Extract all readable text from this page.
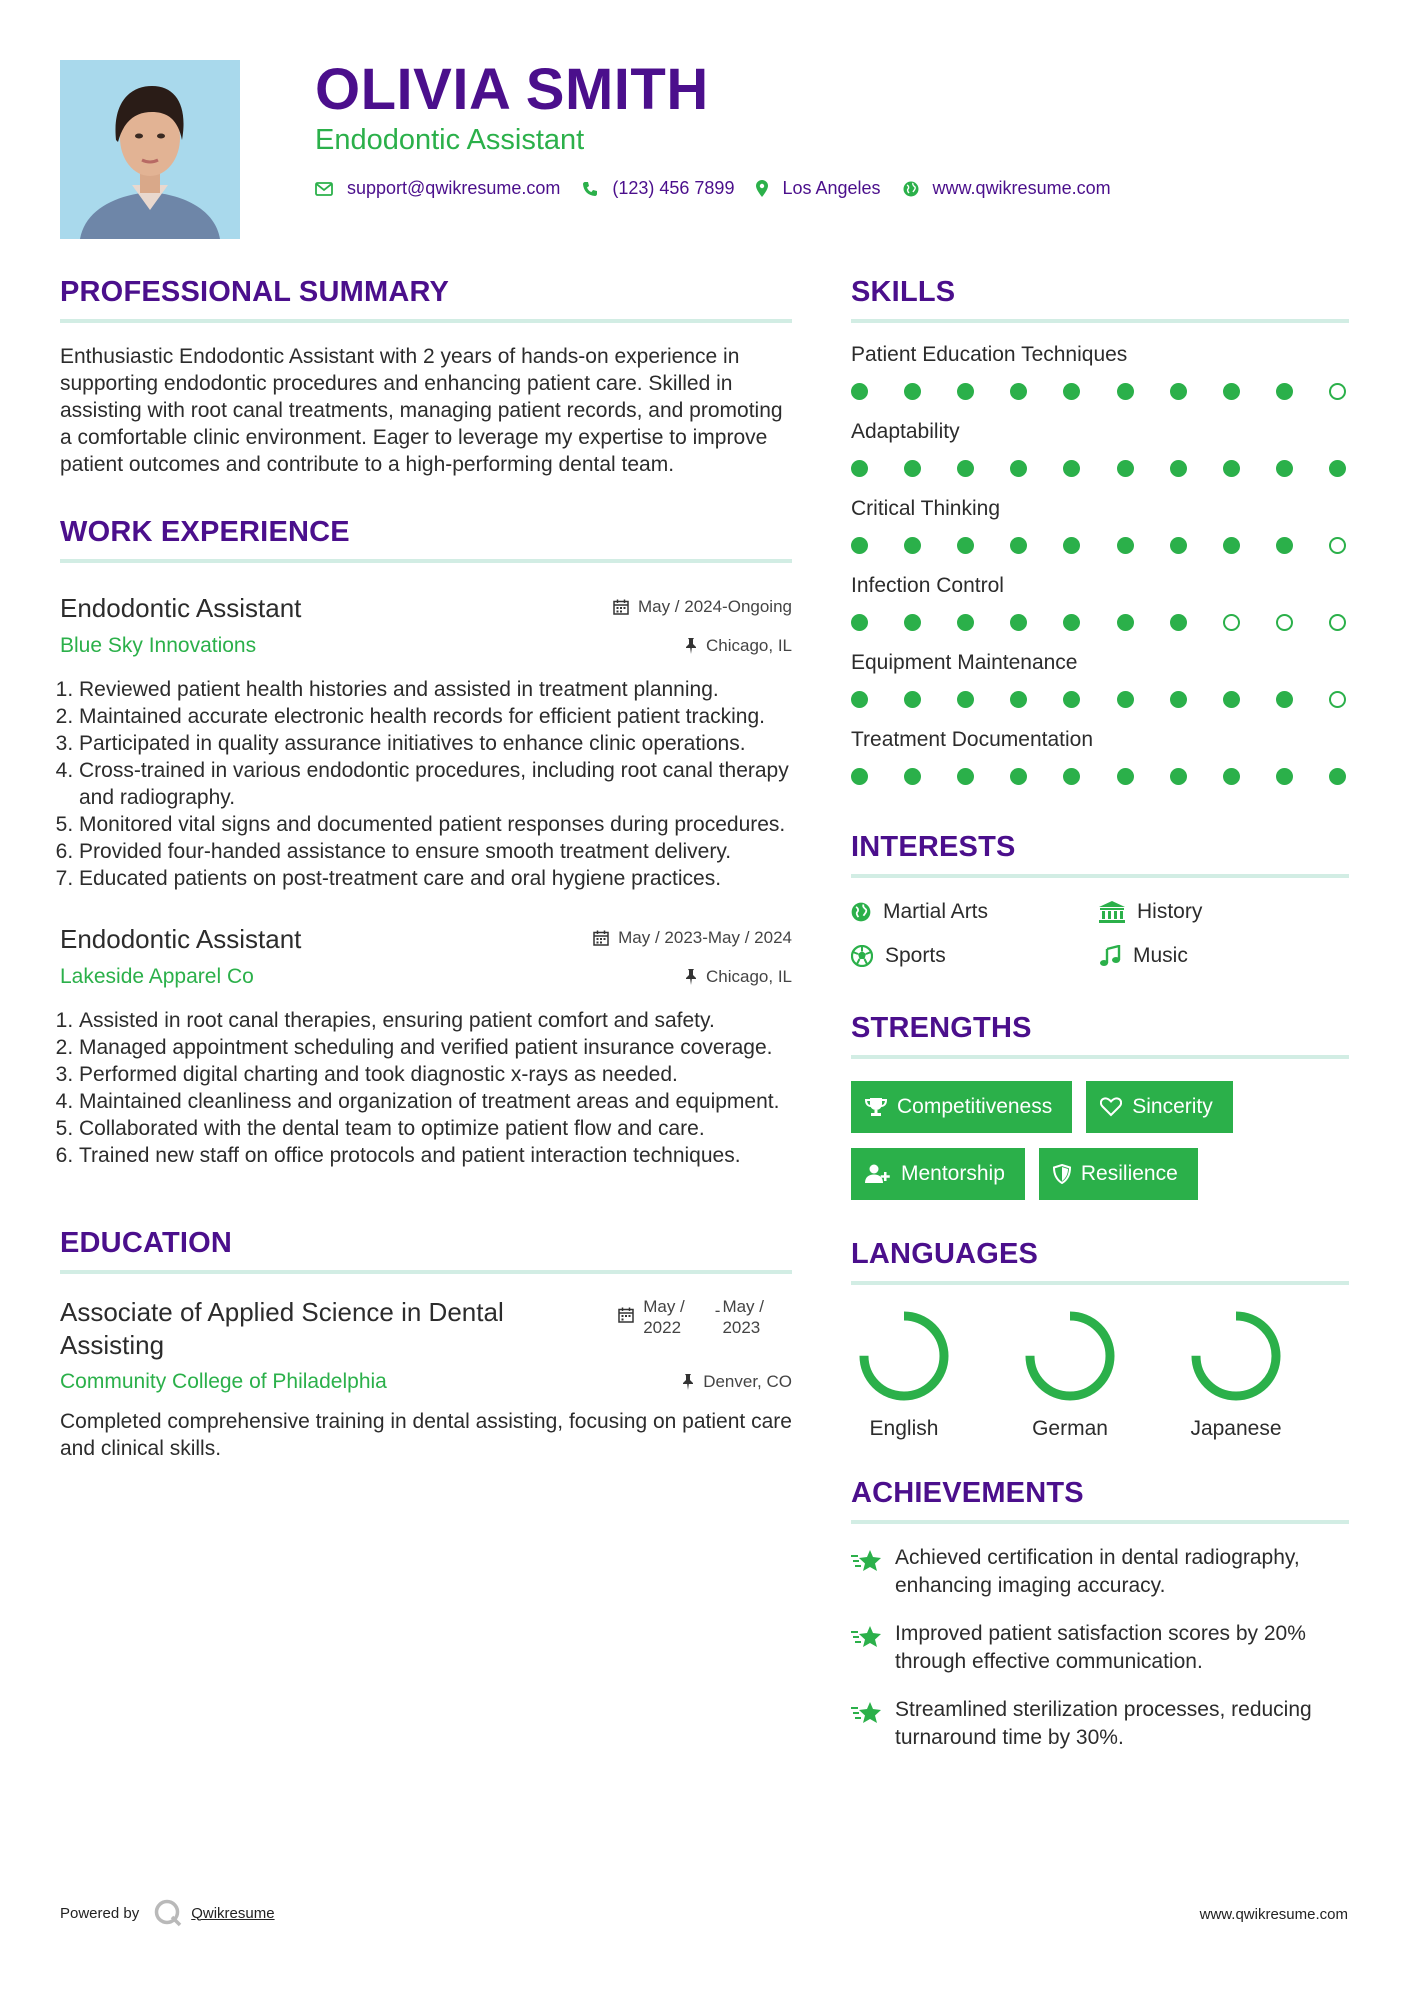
OLIVIA SMITH
Endodontic Assistant
support@qwikresume.com	(123) 456 7899	Los Angeles	www.qwikresume.com
PROFESSIONAL SUMMARY

Enthusiastic Endodontic Assistant with 2 years of hands-on experience in supporting endodontic procedures and enhancing patient care. Skilled in assisting with root canal treatments, managing patient records, and promoting a comfortable clinic environment. Eager to leverage my expertise to improve patient outcomes and contribute to a high-performing dental team.

WORK EXPERIENCE
Endodontic Assistant	May / 2024-Ongoing
Blue Sky Innovations	Chicago, IL
1. Reviewed patient health histories and assisted in treatment planning.
2. Maintained accurate electronic health records for efficient patient tracking.
3. Participated in quality assurance initiatives to enhance clinic operations.
4. Cross-trained in various endodontic procedures, including root canal therapy and radiography.
5. Monitored vital signs and documented patient responses during procedures.
6. Provided four-handed assistance to ensure smooth treatment delivery.
7. Educated patients on post-treatment care and oral hygiene practices.
Endodontic Assistant	May / 2023-May / 2024
Lakeside Apparel Co	Chicago, IL
1. Assisted in root canal therapies, ensuring patient comfort and safety.
2. Managed appointment scheduling and verified patient insurance coverage.
3. Performed digital charting and took diagnostic x-rays as needed.
4. Maintained cleanliness and organization of treatment areas and equipment.
5. Collaborated with the dental team to optimize patient flow and care.
6. Trained new staff on office protocols and patient interaction techniques.
EDUCATION
Associate of Applied Science in Dental Assisting
May /
2022
- May /
2023
Community College of Philadelphia	Denver, CO

Completed comprehensive training in dental assisting, focusing on patient care and clinical skills.

SKILLS
Patient Education Techniques
Adaptability
Critical Thinking
Infection Control
Equipment Maintenance
Treatment Documentation
INTERESTS
Martial Arts	History
Sports	Music
STRENGTHS
Competitiveness	Sincerity
Mentorship	Resilience
LANGUAGES
English	German	Japanese
ACHIEVEMENTS
Achieved certification in dental radiography, enhancing imaging accuracy.
Improved patient satisfaction scores by 20% through effective communication.
Streamlined sterilization processes, reducing turnaround time by 30%.
Powered by	Qwikresume	www.qwikresume.com
